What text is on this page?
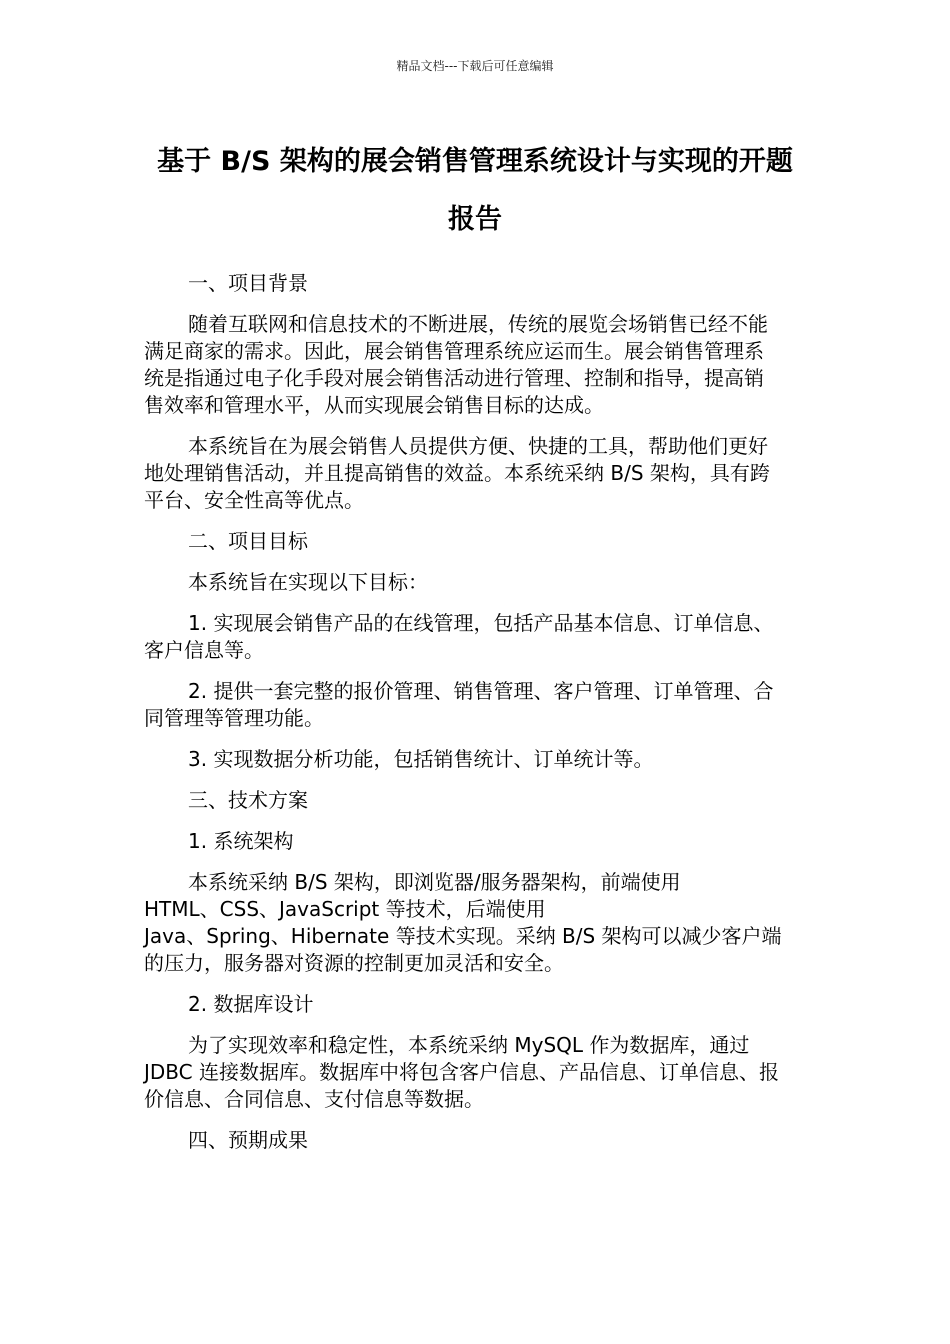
精品文档---下载后可任意编辑
基于 B/S 架构的展会销售管理系统设计与实现的开题
报告

一、项目背景

随着互联网和信息技术的不断进展，传统的展览会场销售已经不能
满足商家的需求。因此，展会销售管理系统应运而生。展会销售管理系
统是指通过电子化手段对展会销售活动进行管理、控制和指导，提高销
售效率和管理水平，从而实现展会销售目标的达成。

本系统旨在为展会销售人员提供方便、快捷的工具，帮助他们更好
地处理销售活动，并且提高销售的效益。本系统采纳 B/S 架构，具有跨
平台、安全性高等优点。

二、项目目标

本系统旨在实现以下目标：

1. 实现展会销售产品的在线管理，包括产品基本信息、订单信息、
客户信息等。

2. 提供一套完整的报价管理、销售管理、客户管理、订单管理、合
同管理等管理功能。

3. 实现数据分析功能，包括销售统计、订单统计等。

三、技术方案

1. 系统架构

本系统采纳 B/S 架构，即浏览器/服务器架构，前端使用
HTML、CSS、JavaScript 等技术，后端使用
Java、Spring、Hibernate 等技术实现。采纳 B/S 架构可以减少客户端
的压力，服务器对资源的控制更加灵活和安全。

2. 数据库设计

为了实现效率和稳定性，本系统采纳 MySQL 作为数据库，通过
JDBC 连接数据库。数据库中将包含客户信息、产品信息、订单信息、报
价信息、合同信息、支付信息等数据。

四、预期成果
